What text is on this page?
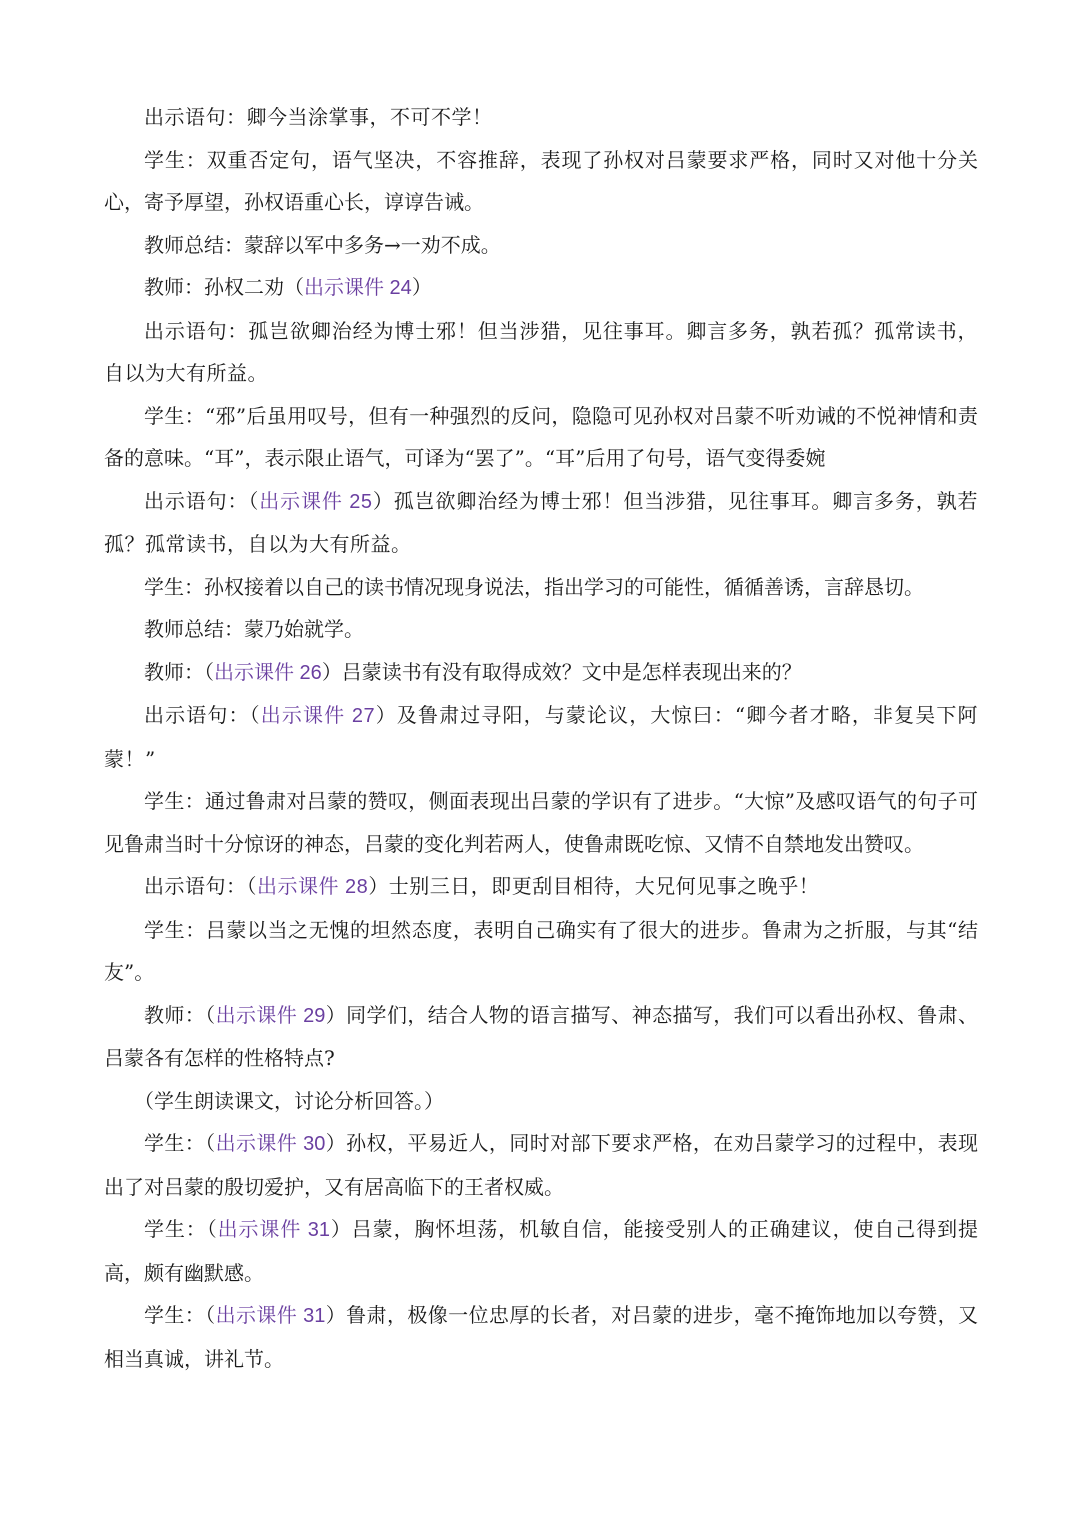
出示语句：卿今当涂掌事，不可不学！

学生：双重否定句，语气坚决，不容推辞，表现了孙权对吕蒙要求严格，同时又对他十分关心，寄予厚望，孙权语重心长，谆谆告诫。

教师总结：蒙辞以军中多务→一劝不成。

教师：孙权二劝（出示课件 24）

出示语句：孤岂欲卿治经为博士邪！但当涉猎，见往事耳。卿言多务，孰若孤？孤常读书，自以为大有所益。

学生：“邪”后虽用叹号，但有一种强烈的反问，隐隐可见孙权对吕蒙不听劝诫的不悦神情和责备的意味。“耳”，表示限止语气，可译为“罢了”。“耳”后用了句号，语气变得委婉

出示语句：（出示课件 25）孤岂欲卿治经为博士邪！但当涉猎，见往事耳。卿言多务，孰若孤？孤常读书，自以为大有所益。

学生：孙权接着以自己的读书情况现身说法，指出学习的可能性，循循善诱，言辞恳切。

教师总结：蒙乃始就学。

教师：（出示课件 26）吕蒙读书有没有取得成效？文中是怎样表现出来的？

出示语句：（出示课件 27）及鲁肃过寻阳，与蒙论议，大惊曰：“卿今者才略，非复吴下阿蒙！”

学生：通过鲁肃对吕蒙的赞叹，侧面表现出吕蒙的学识有了进步。“大惊”及感叹语气的句子可见鲁肃当时十分惊讶的神态，吕蒙的变化判若两人，使鲁肃既吃惊、又情不自禁地发出赞叹。

出示语句：（出示课件 28）士别三日，即更刮目相待，大兄何见事之晚乎！

学生：吕蒙以当之无愧的坦然态度，表明自己确实有了很大的进步。鲁肃为之折服，与其“结友”。

教师：（出示课件 29）同学们，结合人物的语言描写、神态描写，我们可以看出孙权、鲁肃、吕蒙各有怎样的性格特点?

（学生朗读课文，讨论分析回答。）

学生：（出示课件 30）孙权，平易近人，同时对部下要求严格，在劝吕蒙学习的过程中，表现出了对吕蒙的殷切爱护，又有居高临下的王者权威。

学生：（出示课件 31）吕蒙，胸怀坦荡，机敏自信，能接受别人的正确建议，使自己得到提高，颇有幽默感。

学生：（出示课件 31）鲁肃，极像一位忠厚的长者，对吕蒙的进步，毫不掩饰地加以夸赞，又相当真诚，讲礼节。
